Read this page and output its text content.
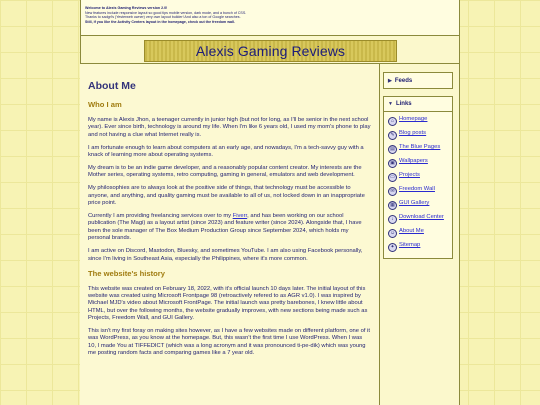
Welcome to Alexis Gaming Reviews version 2.0!
New features include responsive layout so good tips mobile version, dark mode, and a bunch of CSS.
Thanks to sadgrl's (Yesterweb owner) very own layout builder! And also a ton of Google searches.
Still, if you like the Activity Centers layout in the homepage, check out the freedom wall.
Alexis Gaming Reviews
About Me
Who I am

My name is Alexis Jhon, a teenager currently in junior high (but not for long, as I'll be senior in the next school year). Ever since birth, technology is around my life. When I'm like 6 years old, I used my mom's phone to play and not having a clue what Internet really is.

I am fortunate enough to learn about computers at an early age, and nowadays, I'm a tech-savvy guy with a knack of learning more about operating systems.

My dream is to be an indie game developer, and a reasonably popular content creator. My interests are the Mother series, operating systems, retro computing, gaming in general, emulators and web development.

My philosophies are to always look at the positive side of things, that technology must be accessible to anyone, and anything, and quality gaming must be available to all of us, not locked down in an inappropriate price point.

Currently I am providing freelancing services over to my Fiverr, and has been working on our school publication (The Magi) as a layout artist (since 2023) and feature writer (since 2024). Alongside that, I have been the sole manager of The Box Medium Production Group since September 2024, which holds my personal brands.

I am active on Discord, Mastodon, Bluesky, and sometimes YouTube. I am also using Facebook personally, since I'm living in Southeast Asia, especially the Philippines, where it's more common.

The website's history

This website was created on February 18, 2022, with it's official launch 10 days later. The initial layout of this website was created using Microsoft Frontpage 98 (retroactively refered to as AGR v1.0). I was inspired by Michael MJD's video about Microsoft FrontPage. The initial launch was pretty barebones, I knew little about HTML, but over the following months, the website gradually improves, with new sections being made such as Projects, Freedom Wall, and GUI Gallery.

This isn't my first foray on making sites however, as I have a few websites made on different platform, one of it was WordPress, as you know at the homepage. But, this wasn't the first time I use WordPress. When I was 10, I made You at TIFFEDICT (which was a long acronym and it was pronounced ti-pe-dik) which was young me posting random facts and comparing games like a 7 year old.

▶ Feeds
▼ Links
⌂ Homepage
✎ Blog posts
▤ The Blue Pages
▣ Wallpapers
▭ Projects
✉ Freedom Wall
▦ GUI Gallery
↓ Download Center
☺ About Me
✦ Sitemap
